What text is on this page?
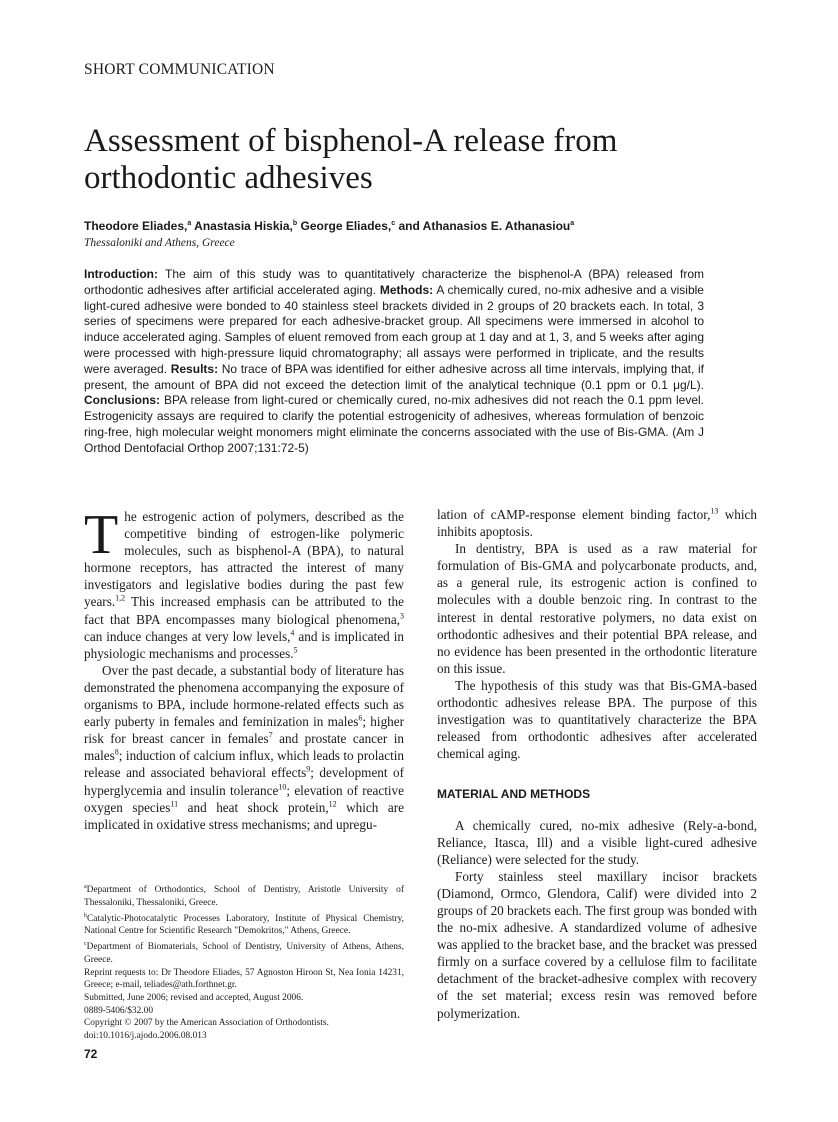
SHORT COMMUNICATION
Assessment of bisphenol-A release from orthodontic adhesives
Theodore Eliades,$^a$ Anastasia Hiskia,$^b$ George Eliades,$^c$ and Athanasios E. Athanasiou$^a$
Thessaloniki and Athens, Greece
Introduction: The aim of this study was to quantitatively characterize the bisphenol-A (BPA) released from orthodontic adhesives after artificial accelerated aging. Methods: A chemically cured, no-mix adhesive and a visible light-cured adhesive were bonded to 40 stainless steel brackets divided in 2 groups of 20 brackets each. In total, 3 series of specimens were prepared for each adhesive-bracket group. All specimens were immersed in alcohol to induce accelerated aging. Samples of eluent removed from each group at 1 day and at 1, 3, and 5 weeks after aging were processed with high-pressure liquid chromatography; all assays were performed in triplicate, and the results were averaged. Results: No trace of BPA was identified for either adhesive across all time intervals, implying that, if present, the amount of BPA did not exceed the detection limit of the analytical technique (0.1 ppm or 0.1 μg/L). Conclusions: BPA release from light-cured or chemically cured, no-mix adhesives did not reach the 0.1 ppm level. Estrogenicity assays are required to clarify the potential estrogenicity of adhesives, whereas formulation of benzoic ring-free, high molecular weight monomers might eliminate the concerns associated with the use of Bis-GMA. (Am J Orthod Dentofacial Orthop 2007;131:72-5)

The estrogenic action of polymers, described as the competitive binding of estrogen-like polymeric molecules, such as bisphenol-A (BPA), to natural hormone receptors, has attracted the interest of many investigators and legislative bodies during the past few years.$^{1,2}$ This increased emphasis can be attributed to the fact that BPA encompasses many biological phenomena,$^3$ can induce changes at very low levels,$^4$ and is implicated in physiologic mechanisms and processes.$^5$

Over the past decade, a substantial body of literature has demonstrated the phenomena accompanying the exposure of organisms to BPA, include hormone-related effects such as early puberty in females and feminization in males$^6$; higher risk for breast cancer in females$^7$ and prostate cancer in males$^8$; induction of calcium influx, which leads to prolactin release and associated behavioral effects$^9$; development of hyperglycemia and insulin tolerance$^{10}$; elevation of reactive oxygen species$^{11}$ and heat shock protein,$^{12}$ which are implicated in oxidative stress mechanisms; and upregu-

$^a$Department of Orthodontics, School of Dentistry, Aristotle University of Thessaloniki, Thessaloniki, Greece.
$^b$Catalytic-Photocatalytic Processes Laboratory, Institute of Physical Chemistry, National Centre for Scientific Research "Demokritos," Athens, Greece.
$^c$Department of Biomaterials, School of Dentistry, University of Athens, Athens, Greece.
Reprint requests to: Dr Theodore Eliades, 57 Agnoston Hiroon St, Nea Ionia 14231, Greece; e-mail, teliades@ath.forthnet.gr.
Submitted, June 2006; revised and accepted, August 2006.
0889-5406/$32.00
Copyright © 2007 by the American Association of Orthodontists.
doi:10.1016/j.ajodo.2006.08.013

lation of cAMP-response element binding factor,$^{13}$ which inhibits apoptosis.

In dentistry, BPA is used as a raw material for formulation of Bis-GMA and polycarbonate products, and, as a general rule, its estrogenic action is confined to molecules with a double benzoic ring. In contrast to the interest in dental restorative polymers, no data exist on orthodontic adhesives and their potential BPA release, and no evidence has been presented in the orthodontic literature on this issue.

The hypothesis of this study was that Bis-GMA-based orthodontic adhesives release BPA. The purpose of this investigation was to quantitatively characterize the BPA released from orthodontic adhesives after accelerated chemical aging.

MATERIAL AND METHODS

A chemically cured, no-mix adhesive (Rely-a-bond, Reliance, Itasca, Ill) and a visible light-cured adhesive (Reliance) were selected for the study.

Forty stainless steel maxillary incisor brackets (Diamond, Ormco, Glendora, Calif) were divided into 2 groups of 20 brackets each. The first group was bonded with the no-mix adhesive. A standardized volume of adhesive was applied to the bracket base, and the bracket was pressed firmly on a surface covered by a cellulose film to facilitate detachment of the bracket-adhesive complex with recovery of the set material; excess resin was removed before polymerization.

72
